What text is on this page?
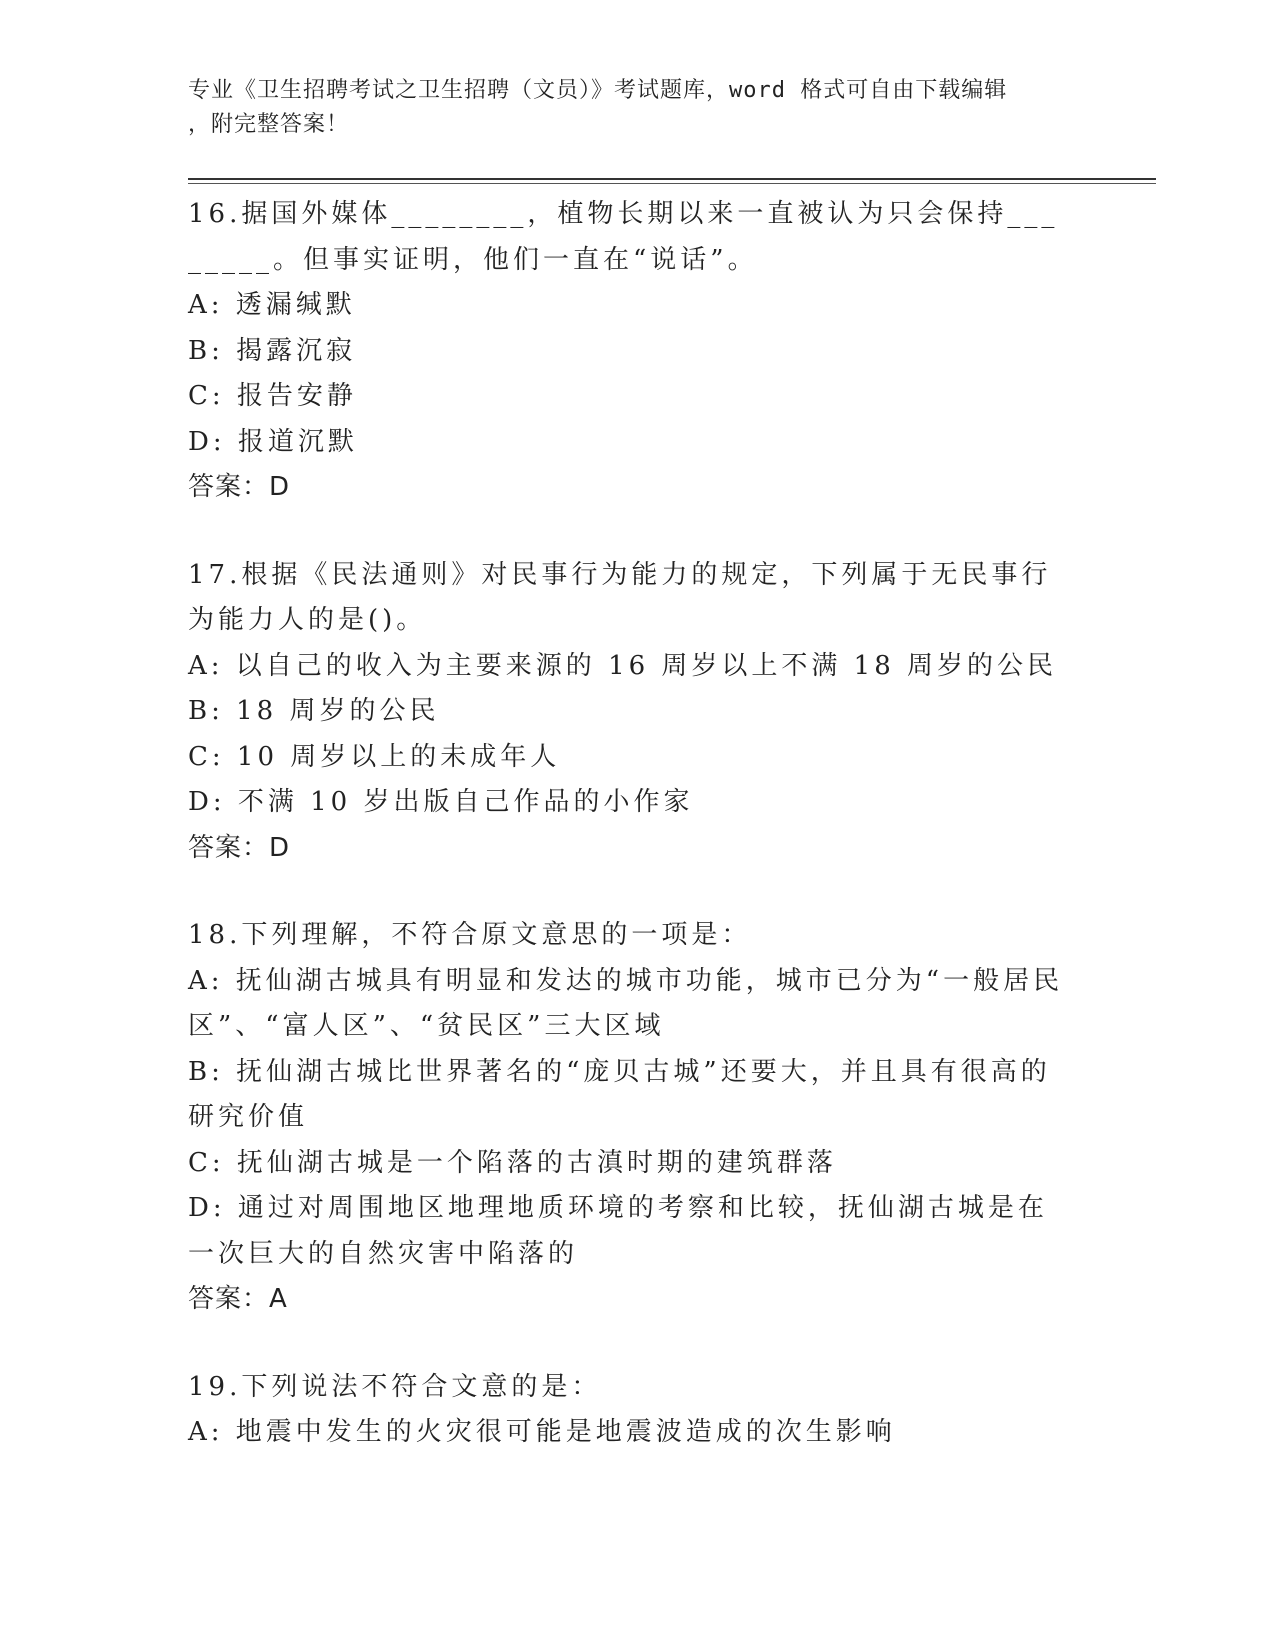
专业《卫生招聘考试之卫生招聘（文员）》考试题库，word 格式可自由下载编辑
，附完整答案！
16.据国外媒体________，植物长期以来一直被认为只会保持________。但事实证明，他们一直在“说话”。
A: 透漏缄默
B: 揭露沉寂
C: 报告安静
D: 报道沉默
答案：D
17.根据《民法通则》对民事行为能力的规定，下列属于无民事行为能力人的是()。
A: 以自己的收入为主要来源的 16 周岁以上不满 18 周岁的公民
B: 18 周岁的公民
C: 10 周岁以上的未成年人
D: 不满 10 岁出版自己作品的小作家
答案：D
18.下列理解，不符合原文意思的一项是：
A: 抚仙湖古城具有明显和发达的城市功能，城市已分为“一般居民区”、“富人区”、“贫民区”三大区域
B: 抚仙湖古城比世界著名的“庞贝古城”还要大，并且具有很高的研究价值
C: 抚仙湖古城是一个陷落的古滇时期的建筑群落
D: 通过对周围地区地理地质环境的考察和比较，抚仙湖古城是在一次巨大的自然灾害中陷落的
答案：A
19.下列说法不符合文意的是：
A: 地震中发生的火灾很可能是地震波造成的次生影响
